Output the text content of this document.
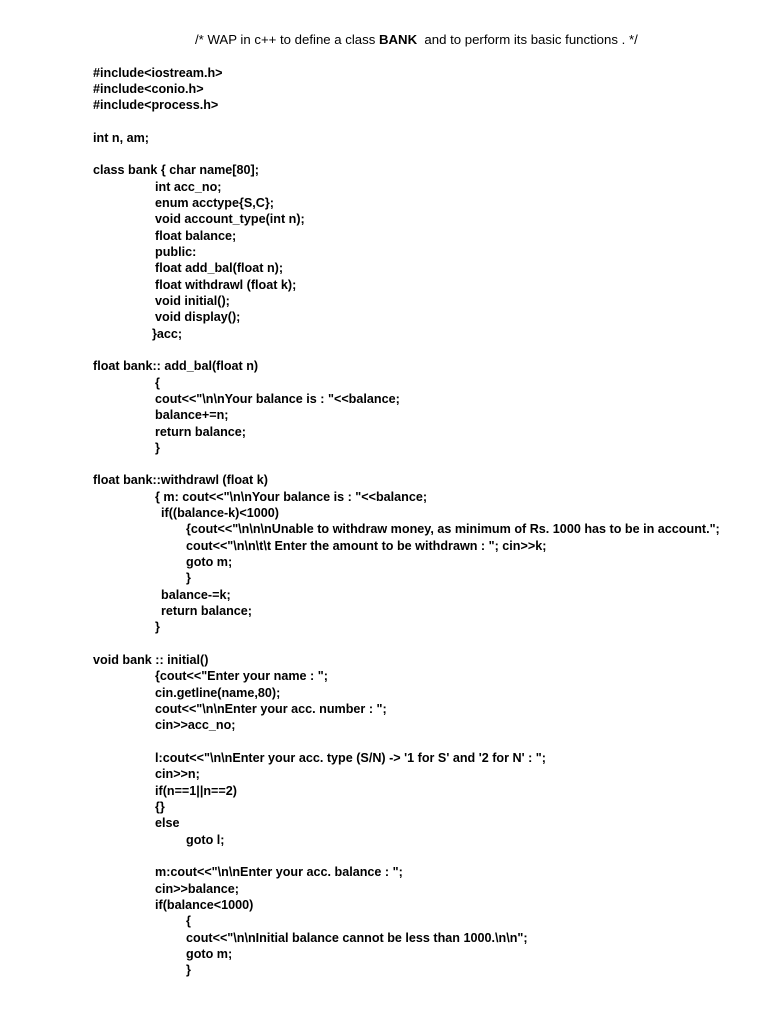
/* WAP in c++ to define a class BANK  and to perform its basic functions . */
#include<iostream.h>
#include<conio.h>
#include<process.h>
int n, am;
class bank { char name[80];
int acc_no;
enum acctype{S,C};
void account_type(int n);
float balance;
public:
float add_bal(float n);
float withdrawl (float k);
void initial();
void display();
}acc;
float bank:: add_bal(float n)
{
cout<<"\n\nYour balance is : "<<balance;
balance+=n;
return balance;
}
float bank::withdrawl (float k)
{ m: cout<<"\n\nYour balance is : "<<balance;
if((balance-k)<1000)
{cout<<"\n\n\nUnable to withdraw money, as minimum of Rs. 1000 has to be in account.";
cout<<"\n\n\t\t Enter the amount to be withdrawn : "; cin>>k;
goto m;
}
balance-=k;
return balance;
}
void bank :: initial()
{cout<<"Enter your name : ";
cin.getline(name,80);
cout<<"\n\nEnter your acc. number : ";
cin>>acc_no;
l:cout<<"\n\nEnter your acc. type (S/N) -> '1 for S' and '2 for N' : ";
cin>>n;
if(n==1||n==2)
{}
else
goto l;
m:cout<<"\n\nEnter your acc. balance : ";
cin>>balance;
if(balance<1000)
{
cout<<"\n\nInitial balance cannot be less than 1000.\n\n";
goto m;
}
